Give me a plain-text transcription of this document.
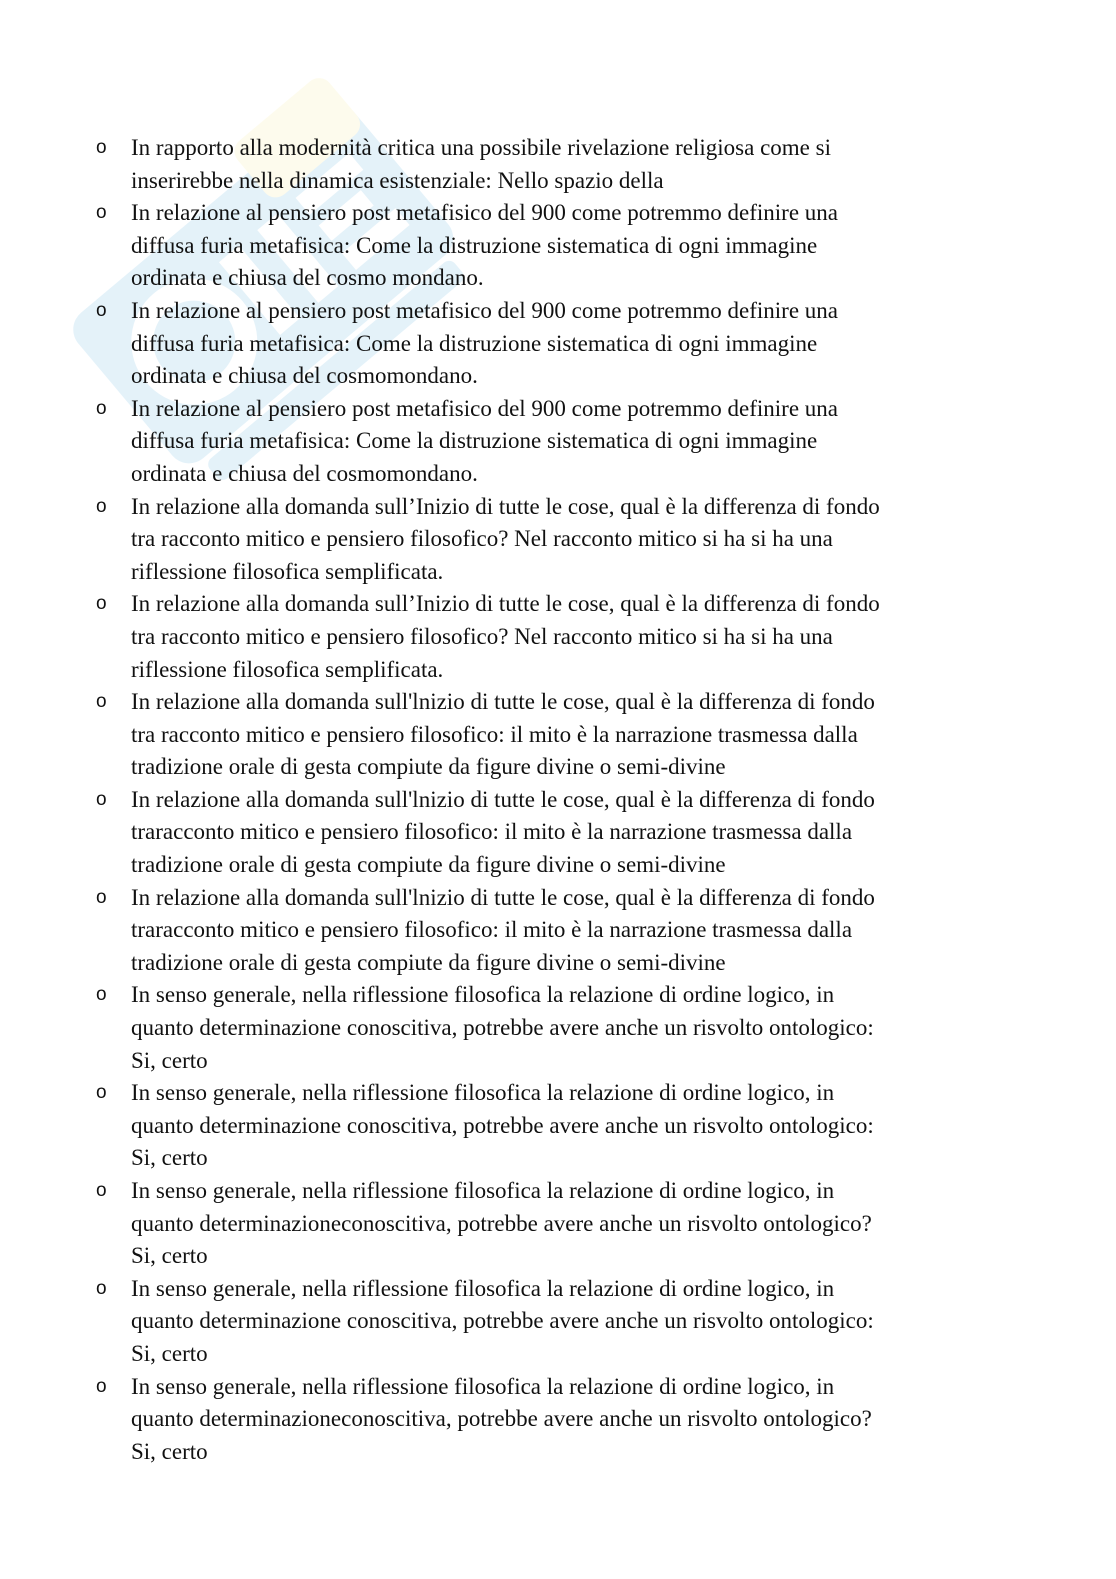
o In rapporto alla modernità critica una possibile rivelazione religiosa come si
inserirebbe nella dinamica esistenziale: Nello spazio della
o In relazione al pensiero post metafisico del 900 come potremmo definire una
diffusa furia metafisica: Come la distruzione sistematica di ogni immagine
ordinata e chiusa del cosmo mondano.
o In relazione al pensiero post metafisico del 900 come potremmo definire una
diffusa furia metafisica: Come la distruzione sistematica di ogni immagine
ordinata e chiusa del cosmomondano.
o In relazione al pensiero post metafisico del 900 come potremmo definire una
diffusa furia metafisica: Come la distruzione sistematica di ogni immagine
ordinata e chiusa del cosmomondano.
o In relazione alla domanda sull’Inizio di tutte le cose, qual è la differenza di fondo
tra racconto mitico e pensiero filosofico? Nel racconto mitico si ha si ha una
riflessione filosofica semplificata.
o In relazione alla domanda sull’Inizio di tutte le cose, qual è la differenza di fondo
tra racconto mitico e pensiero filosofico? Nel racconto mitico si ha si ha una
riflessione filosofica semplificata.
o In relazione alla domanda sull'lnizio di tutte le cose, qual è la differenza di fondo
tra racconto mitico e pensiero filosofico: il mito è la narrazione trasmessa dalla
tradizione orale di gesta compiute da figure divine o semi-divine
o In relazione alla domanda sull'lnizio di tutte le cose, qual è la differenza di fondo
traracconto mitico e pensiero filosofico: il mito è la narrazione trasmessa dalla
tradizione orale di gesta compiute da figure divine o semi-divine
o In relazione alla domanda sull'lnizio di tutte le cose, qual è la differenza di fondo
traracconto mitico e pensiero filosofico: il mito è la narrazione trasmessa dalla
tradizione orale di gesta compiute da figure divine o semi-divine
o In senso generale, nella riflessione filosofica la relazione di ordine logico, in
quanto determinazione conoscitiva, potrebbe avere anche un risvolto ontologico:
Si, certo
o In senso generale, nella riflessione filosofica la relazione di ordine logico, in
quanto determinazione conoscitiva, potrebbe avere anche un risvolto ontologico:
Si, certo
o In senso generale, nella riflessione filosofica la relazione di ordine logico, in
quanto determinazioneconoscitiva, potrebbe avere anche un risvolto ontologico?
Si, certo
o In senso generale, nella riflessione filosofica la relazione di ordine logico, in
quanto determinazione conoscitiva, potrebbe avere anche un risvolto ontologico:
Si, certo
o In senso generale, nella riflessione filosofica la relazione di ordine logico, in
quanto determinazioneconoscitiva, potrebbe avere anche un risvolto ontologico?
Si, certo
